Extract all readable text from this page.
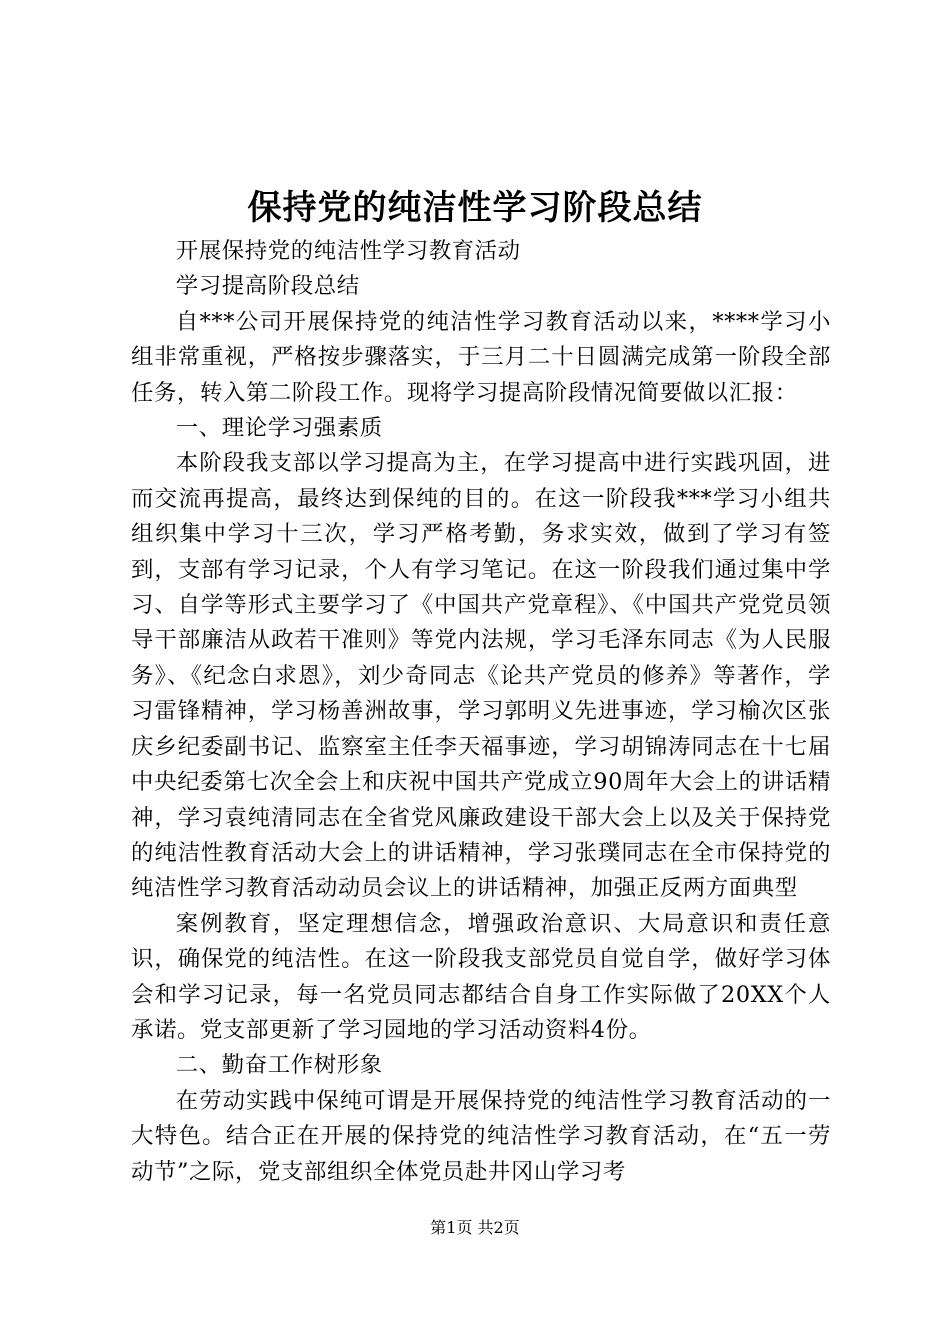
保持党的纯洁性学习阶段总结

开展保持党的纯洁性学习教育活动

学习提高阶段总结

自***公司开展保持党的纯洁性学习教育活动以来，****学习小组非常重视，严格按步骤落实，于三月二十日圆满完成第一阶段全部任务，转入第二阶段工作。现将学习提高阶段情况简要做以汇报：

一、理论学习强素质

本阶段我支部以学习提高为主，在学习提高中进行实践巩固，进而交流再提高，最终达到保纯的目的。在这一阶段我***学习小组共组织集中学习十三次，学习严格考勤，务求实效，做到了学习有签到，支部有学习记录，个人有学习笔记。在这一阶段我们通过集中学习、自学等形式主要学习了《中国共产党章程》、《中国共产党党员领导干部廉洁从政若干准则》等党内法规，学习毛泽东同志《为人民服务》、《纪念白求恩》，刘少奇同志《论共产党员的修养》等著作，学习雷锋精神，学习杨善洲故事，学习郭明义先进事迹，学习榆次区张庆乡纪委副书记、监察室主任李天福事迹，学习胡锦涛同志在十七届中央纪委第七次全会上和庆祝中国共产党成立90周年大会上的讲话精神，学习袁纯清同志在全省党风廉政建设干部大会上以及关于保持党的纯洁性教育活动大会上的讲话精神，学习张璞同志在全市保持党的纯洁性学习教育活动动员会议上的讲话精神，加强正反两方面典型

案例教育，坚定理想信念，增强政治意识、大局意识和责任意识，确保党的纯洁性。在这一阶段我支部党员自觉自学，做好学习体会和学习记录，每一名党员同志都结合自身工作实际做了20XX个人承诺。党支部更新了学习园地的学习活动资料4份。

二、勤奋工作树形象

在劳动实践中保纯可谓是开展保持党的纯洁性学习教育活动的一大特色。结合正在开展的保持党的纯洁性学习教育活动，在“五一劳动节”之际，党支部组织全体党员赴井冈山学习考

第1页 共2页
